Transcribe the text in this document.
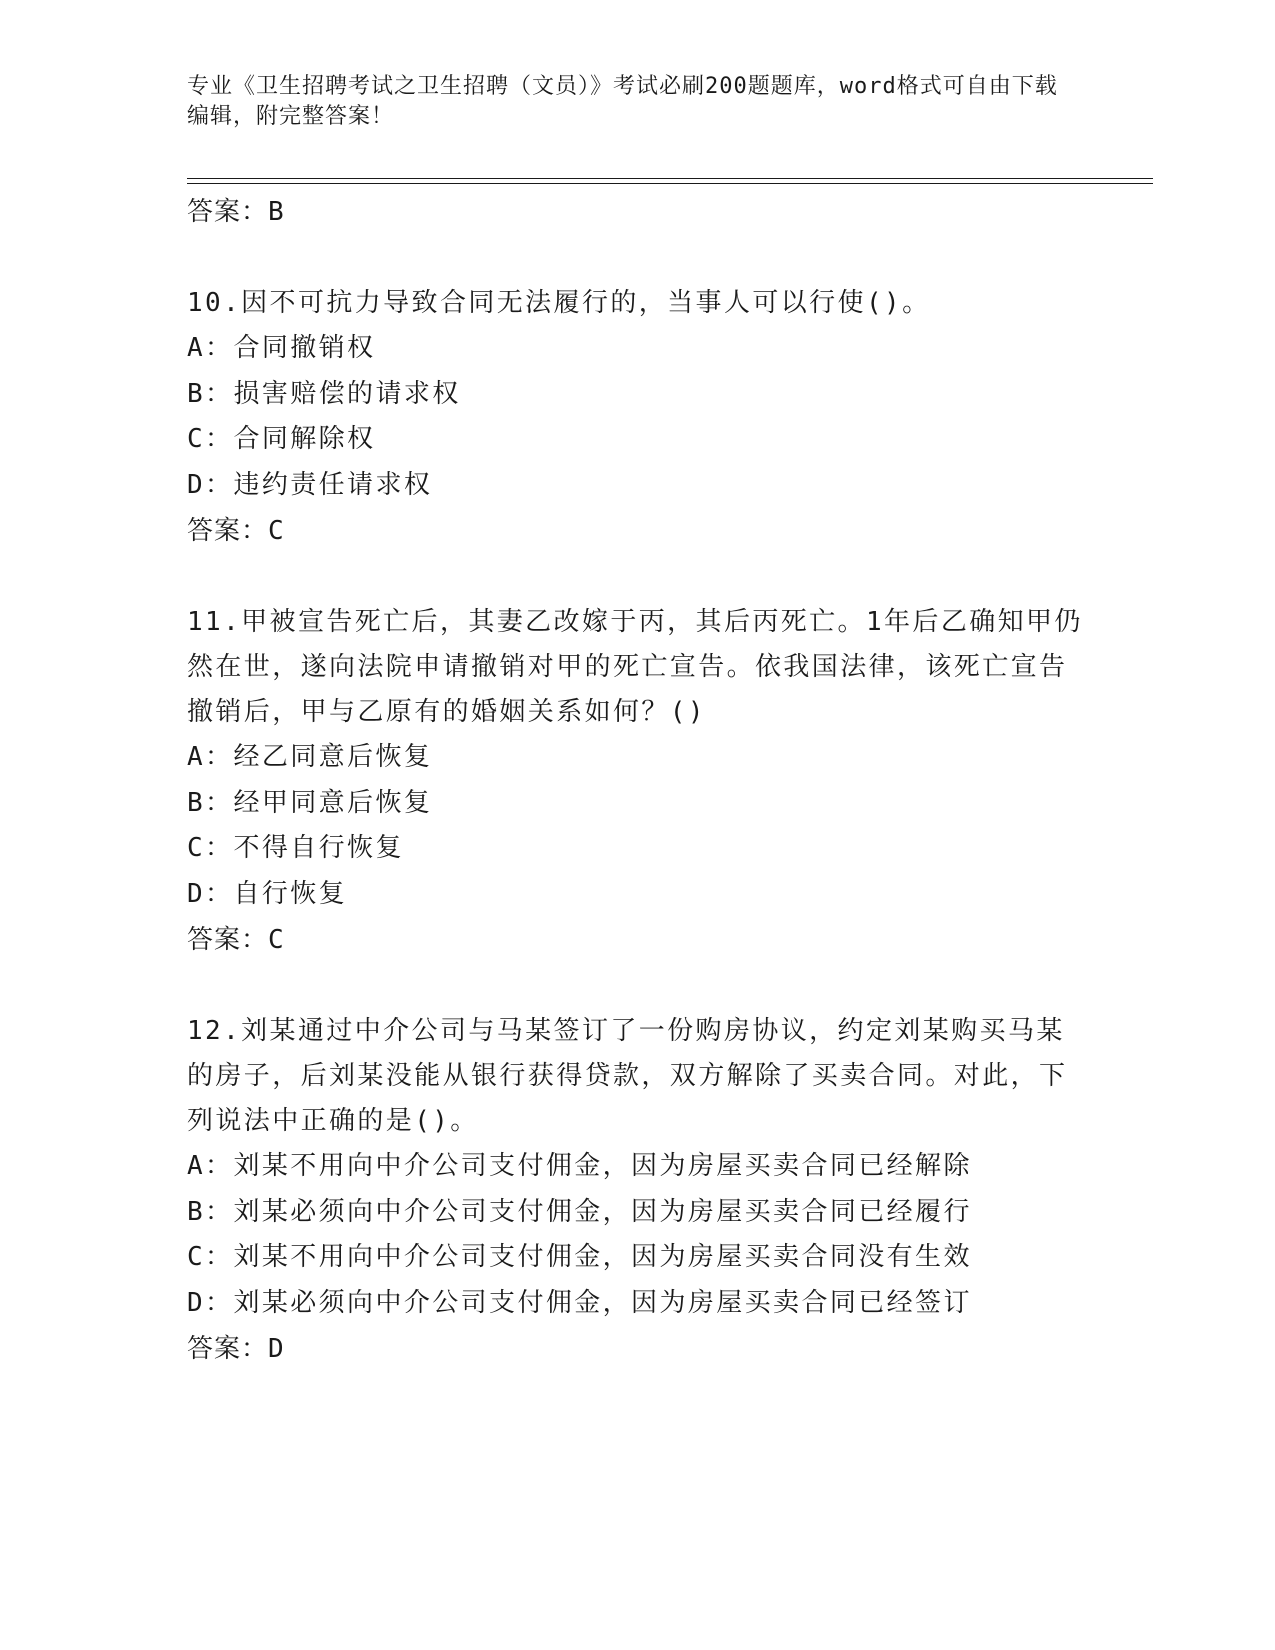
专业《卫生招聘考试之卫生招聘（文员）》考试必刷200题题库，word格式可自由下载编辑，附完整答案！
答案：B
10.因不可抗力导致合同无法履行的，当事人可以行使()。
A：合同撤销权
B：损害赔偿的请求权
C：合同解除权
D：违约责任请求权
答案：C
11.甲被宣告死亡后，其妻乙改嫁于丙，其后丙死亡。1年后乙确知甲仍然在世，遂向法院申请撤销对甲的死亡宣告。依我国法律，该死亡宣告撤销后，甲与乙原有的婚姻关系如何？()
A：经乙同意后恢复
B：经甲同意后恢复
C：不得自行恢复
D：自行恢复
答案：C
12.刘某通过中介公司与马某签订了一份购房协议，约定刘某购买马某的房子，后刘某没能从银行获得贷款，双方解除了买卖合同。对此，下列说法中正确的是()。
A：刘某不用向中介公司支付佣金，因为房屋买卖合同已经解除
B：刘某必须向中介公司支付佣金，因为房屋买卖合同已经履行
C：刘某不用向中介公司支付佣金，因为房屋买卖合同没有生效
D：刘某必须向中介公司支付佣金，因为房屋买卖合同已经签订
答案：D
